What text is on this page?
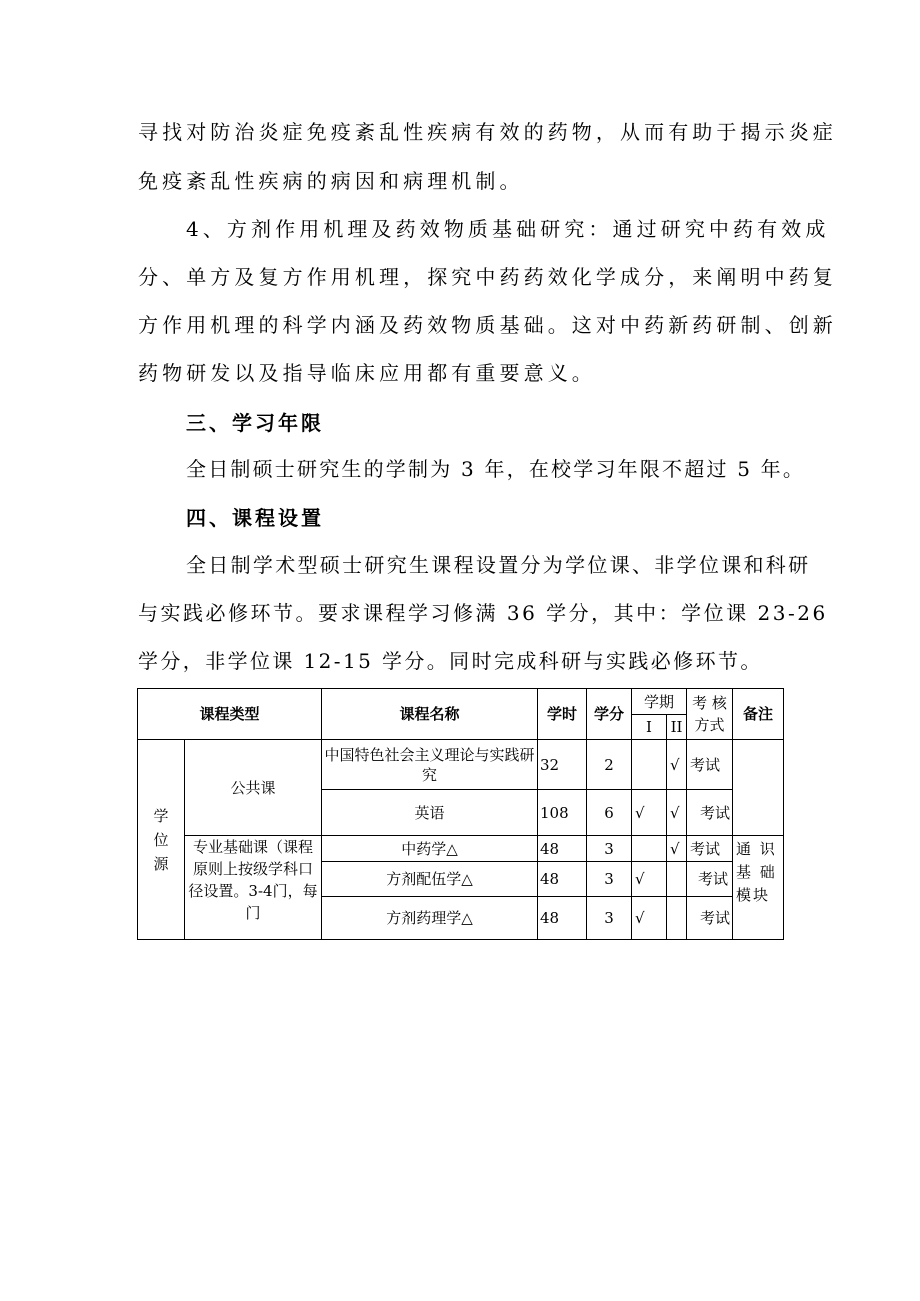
寻找对防治炎症免疫紊乱性疾病有效的药物，从而有助于揭示炎症

免疫紊乱性疾病的病因和病理机制。

4、方剂作用机理及药效物质基础研究：通过研究中药有效成

分、单方及复方作用机理，探究中药药效化学成分，来阐明中药复

方作用机理的科学内涵及药效物质基础。这对中药新药研制、创新

药物研发以及指导临床应用都有重要意义。

三、学习年限

全日制硕士研究生的学制为 3 年，在校学习年限不超过 5 年。

四、课程设置

全日制学术型硕士研究生课程设置分为学位课、非学位课和科研

与实践必修环节。要求课程学习修满 36 学分，其中：学位课 23-26

学分，非学位课 12-15 学分。同时完成科研与实践必修环节。

课程类型		课程名称	学时	学分	学期		考 核方式	备注
					I	II		
学位源	公共课	中国特色社会主义理论与实践研究	32	2		√	考试	
		英语	108	6	√	√	考试	

	专业基础课（课程原则上按级学科口径设置。3-4门，每门	中药学△	48	3		√	考试	通 识基 础模块
		方剂配伍学△	48	3	√		考试	
		方剂药理学△	48	3	√		考试	
